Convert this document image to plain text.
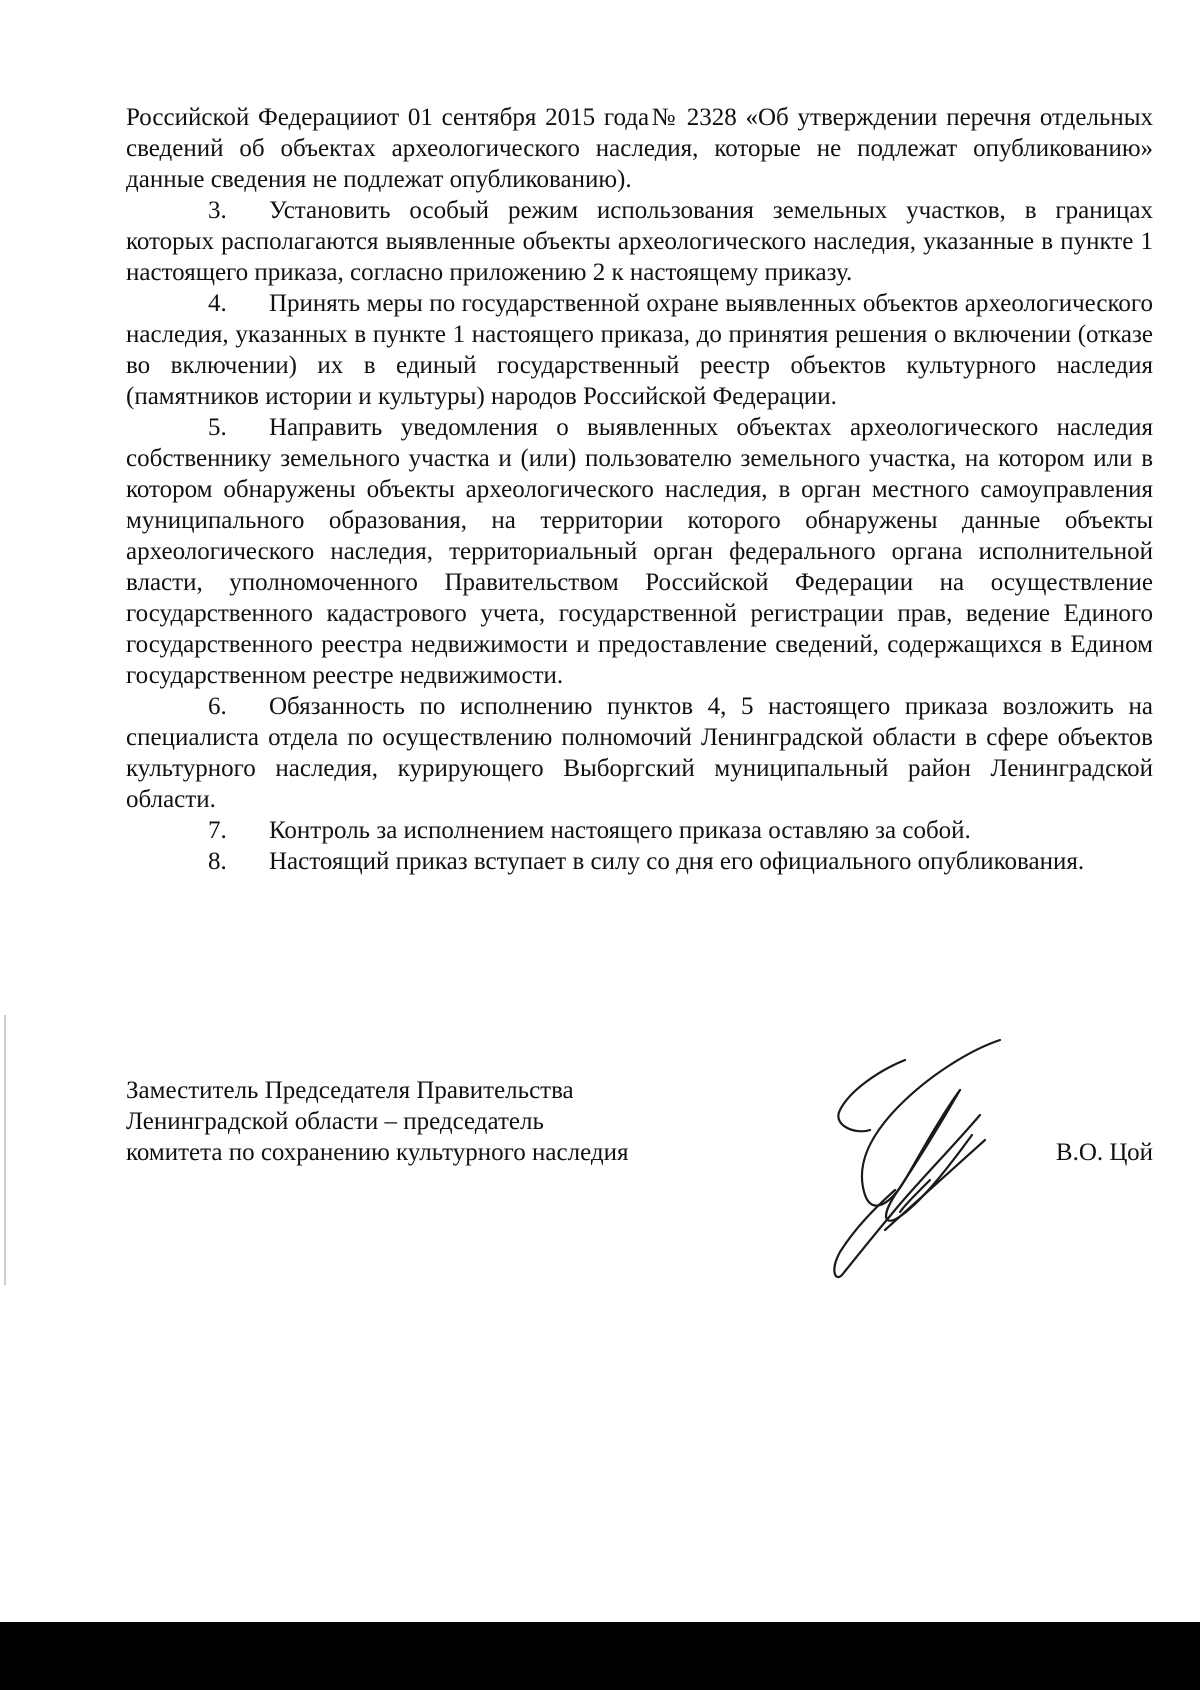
Российской Федерацииот 01 сентября 2015 года№ 2328 «Об утверждении перечня отдельных сведений об объектах археологического наследия, которые не подлежат опубликованию» данные сведения не подлежат опубликованию).

3. Установить особый режим использования земельных участков, в границах которых располагаются выявленные объекты археологического наследия, указанные в пункте 1 настоящего приказа, согласно приложению 2 к настоящему приказу.

4. Принять меры по государственной охране выявленных объектов археологического наследия, указанных в пункте 1 настоящего приказа, до принятия решения о включении (отказе во включении) их в единый государственный реестр объектов культурного наследия (памятников истории и культуры) народов Российской Федерации.

5. Направить уведомления о выявленных объектах археологического наследия собственнику земельного участка и (или) пользователю земельного участка, на котором или в котором обнаружены объекты археологического наследия, в орган местного самоуправления муниципального образования, на территории которого обнаружены данные объекты археологического наследия, территориальный орган федерального органа исполнительной власти, уполномоченного Правительством Российской Федерации на осуществление государственного кадастрового учета, государственной регистрации прав, ведение Единого государственного реестра недвижимости и предоставление сведений, содержащихся в Едином государственном реестре недвижимости.

6. Обязанность по исполнению пунктов 4, 5 настоящего приказа возложить на специалиста отдела по осуществлению полномочий Ленинградской области в сфере объектов культурного наследия, курирующего Выборгский муниципальный район Ленинградской области.

7. Контроль за исполнением настоящего приказа оставляю за собой.

8. Настоящий приказ вступает в силу со дня его официального опубликования.

Заместитель Председателя Правительства
Ленинградской области – председатель
комитета по сохранению культурного наследия	В.О. Цой
